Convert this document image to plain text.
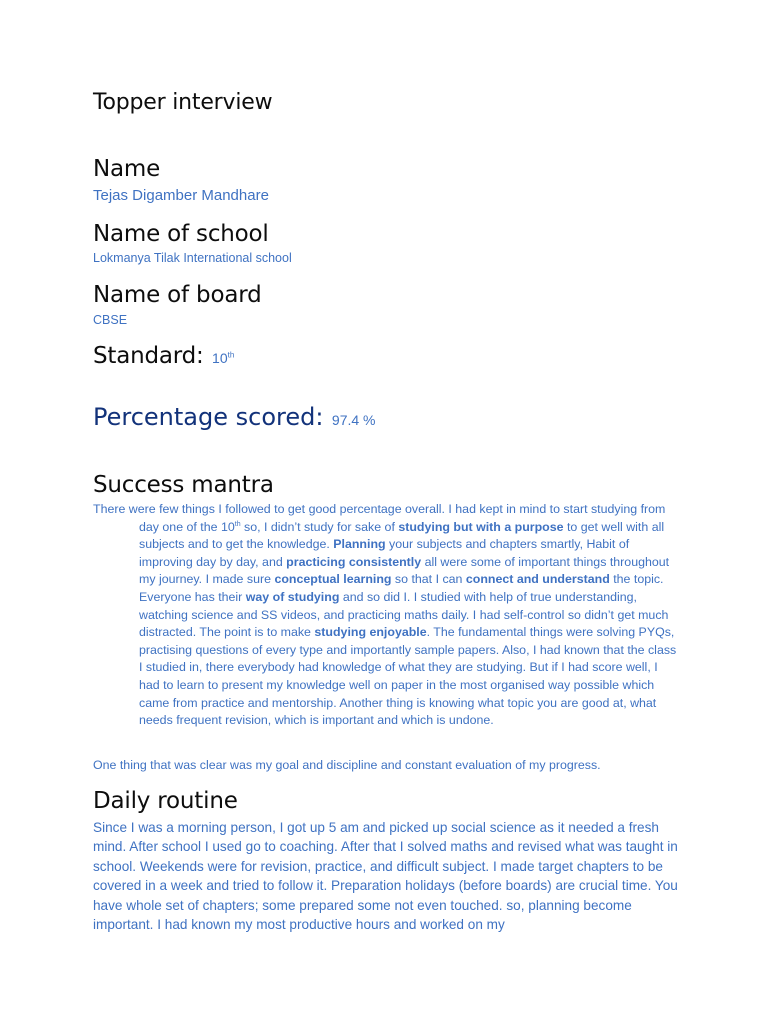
Topper interview
Name
Tejas Digamber Mandhare
Name of school
Lokmanya Tilak International school
Name of board
CBSE
Standard: 10th
Percentage scored: 97.4 %
Success mantra

There were few things I followed to get good percentage overall. I had kept in mind to start studying from day one of the 10th so, I didn’t study for sake of studying but with a purpose to get well with all subjects and to get the knowledge. Planning your subjects and chapters smartly, Habit of improving day by day, and practicing consistently all were some of important things throughout my journey. I made sure conceptual learning so that I can connect and understand the topic. Everyone has their way of studying and so did I. I studied with help of true understanding, watching science and SS videos, and practicing maths daily. I had self-control so didn’t get much distracted. The point is to make studying enjoyable. The fundamental things were solving PYQs, practising questions of every type and importantly sample papers. Also, I had known that the class I studied in, there everybody had knowledge of what they are studying. But if I had score well, I had to learn to present my knowledge well on paper in the most organised way possible which came from practice and mentorship. Another thing is knowing what topic you are good at, what needs frequent revision, which is important and which is undone.

One thing that was clear was my goal and discipline and constant evaluation of my progress.

Daily routine

Since I was a morning person, I got up 5 am and picked up social science as it needed a fresh mind. After school I used go to coaching. After that I solved maths and revised what was taught in school. Weekends were for revision, practice, and difficult subject. I made target chapters to be covered in a week and tried to follow it. Preparation holidays (before boards) are crucial time. You have whole set of chapters; some prepared some not even touched. so, planning become important. I had known my most productive hours and worked on my
